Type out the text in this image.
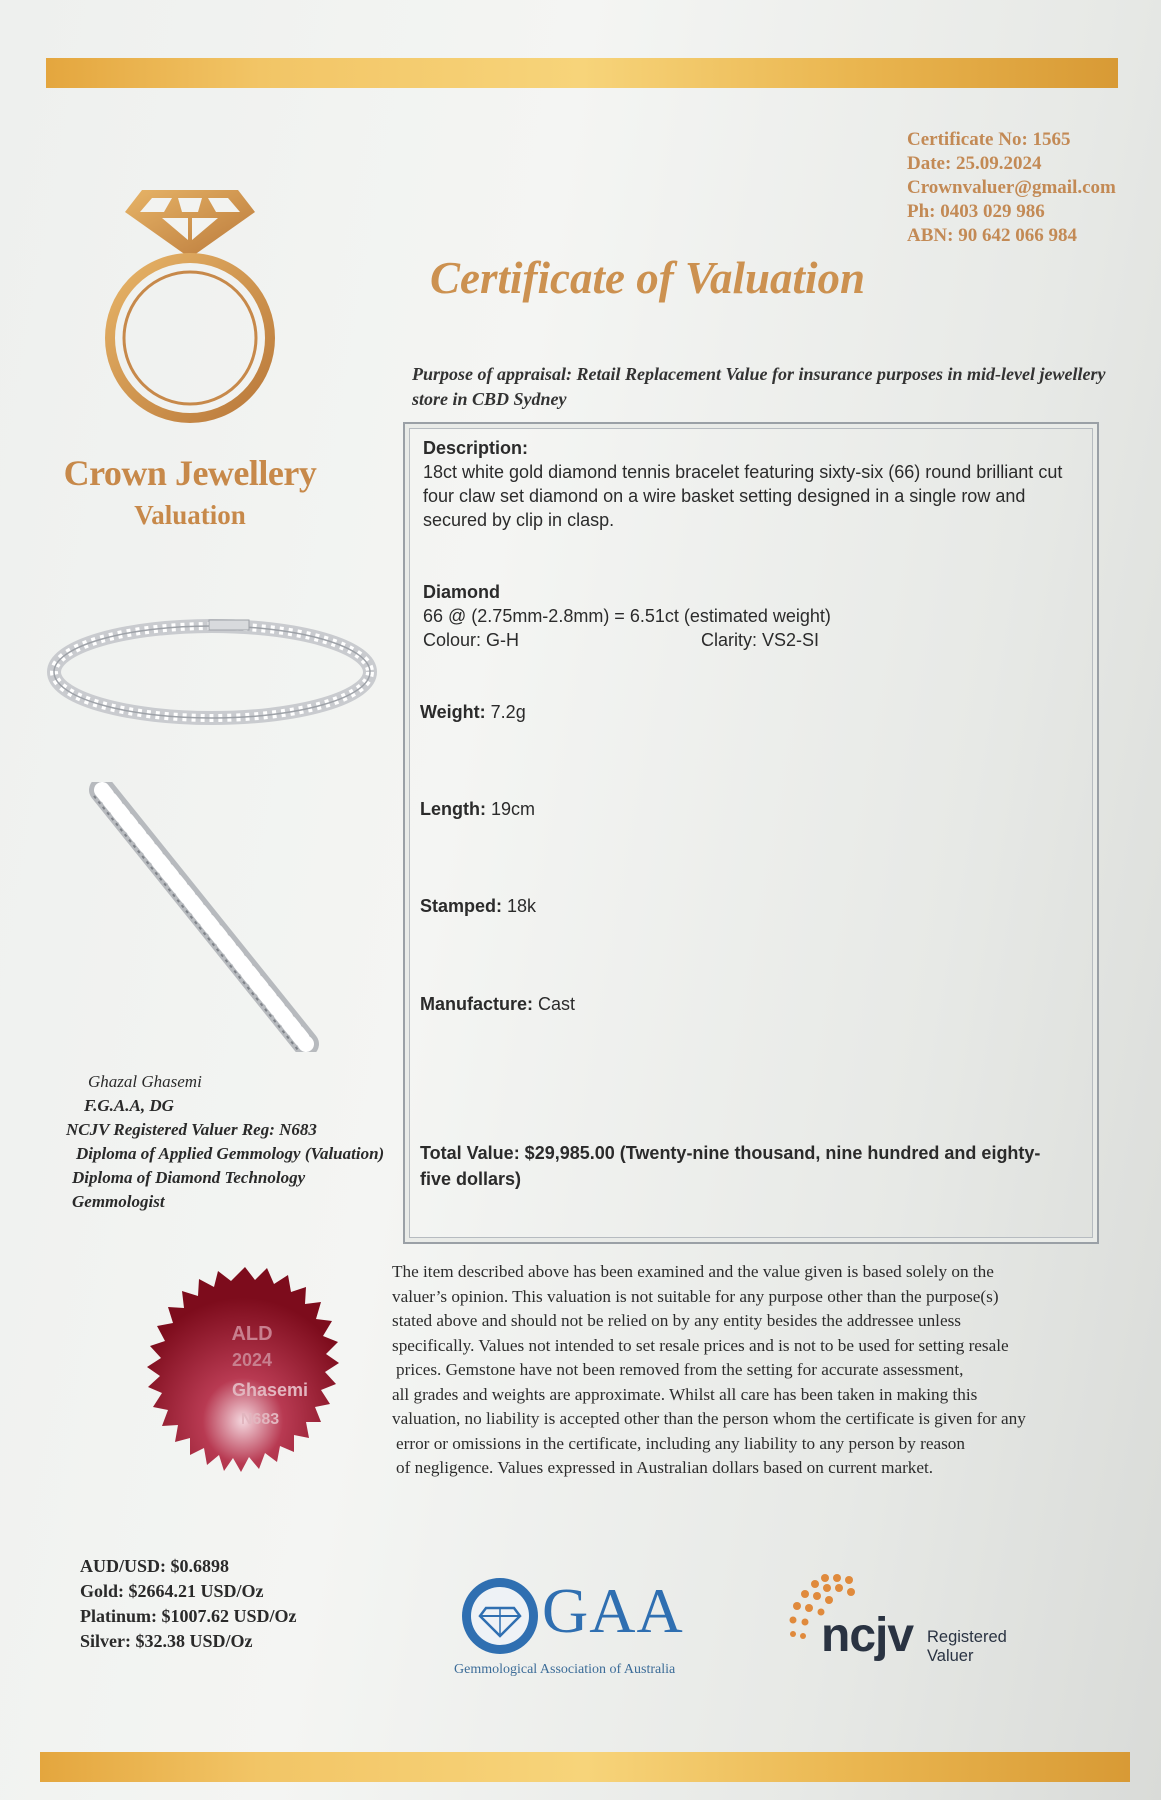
Certificate No: 1565
Date: 25.09.2024
Crownvaluer@gmail.com
Ph: 0403 029 986
ABN: 90 642 066 984
Crown Jewellery
Valuation
Certificate of Valuation
Purpose of appraisal: Retail Replacement Value for insurance purposes in mid-level jewellery store in CBD Sydney
Ghazal Ghasemi
F.G.A.A, DG
NCJV Registered Valuer Reg: N683
Diploma of Applied Gemmology (Valuation)
Diploma of Diamond Technology
Gemmologist
Description:
18ct white gold diamond tennis bracelet featuring sixty-six (66) round brilliant cut four claw set diamond on a wire basket setting designed in a single row and secured by clip in clasp.
Diamond
66 @ (2.75mm-2.8mm) = 6.51ct (estimated weight)
Colour: G-H	Clarity: VS2-SI
Weight: 7.2g
Length: 19cm
Stamped: 18k
Manufacture: Cast
Total Value: $29,985.00 (Twenty-nine thousand, nine hundred and eighty-five dollars)
The item described above has been examined and the value given is based solely on the
valuer’s opinion. This valuation is not suitable for any purpose other than the purpose(s)
stated above and should not be relied on by any entity besides the addressee unless
specifically. Values not intended to set resale prices and is not to be used for setting resale
prices. Gemstone have not been removed from the setting for accurate assessment,
all grades and weights are approximate. Whilst all care has been taken in making this
valuation, no liability is accepted other than the person whom the certificate is given for any
error or omissions in the certificate, including any liability to any person by reason
of negligence. Values expressed in Australian dollars based on current market.
ALD
2024
Ghasemi
N683
AUD/USD: $0.6898
Gold: $2664.21 USD/Oz
Platinum: $1007.62 USD/Oz
Silver: $32.38 USD/Oz	GAA
Gemmological Association of Australia
ncjv Registered
Valuer
